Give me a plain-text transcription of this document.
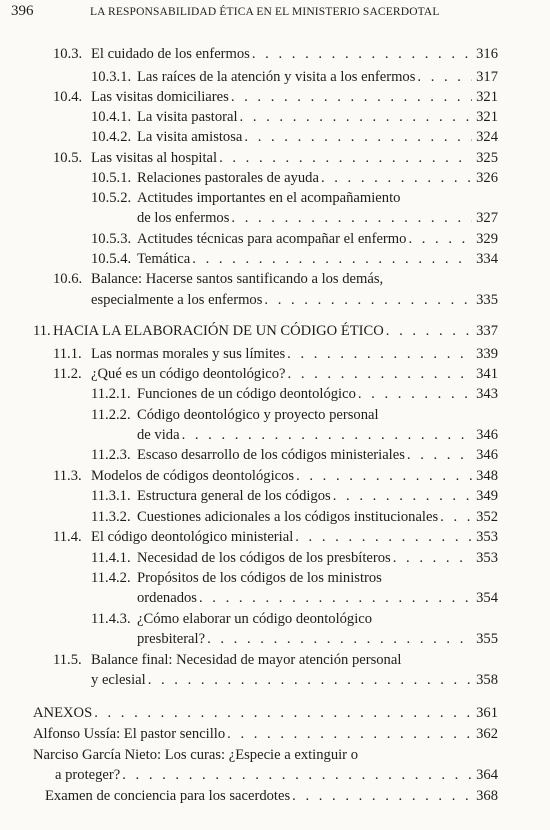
396	LA RESPONSABILIDAD ÉTICA EN EL MINISTERIO SACERDOTAL
10.3. El cuidado de los enfermos . . .	316
10.3.1. Las raíces de la atención y visita a los enfermos . . .	317
10.4. Las visitas domiciliares . . .	321
10.4.1. La visita pastoral . . .	321
10.4.2. La visita amistosa . . .	324
10.5. Las visitas al hospital . . .	325
10.5.1. Relaciones pastorales de ayuda . . .	326
10.5.2. Actitudes importantes en el acompañamiento
de los enfermos . . .	327
10.5.3. Actitudes técnicas para acompañar el enfermo . . .	329
10.5.4. Temática . . .	334
10.6. Balance: Hacerse santos santificando a los demás,
especialmente a los enfermos . . .	335
11. HACIA LA ELABORACIÓN DE UN CÓDIGO ÉTICO . . .	337
11.1. Las normas morales y sus límites . . .	339
11.2. ¿Qué es un código deontológico? . . .	341
11.2.1. Funciones de un código deontológico . . .	343
11.2.2. Código deontológico y proyecto personal
de vida . . .	346
11.2.3. Escaso desarrollo de los códigos ministeriales . . .	346
11.3. Modelos de códigos deontológicos . . .	348
11.3.1. Estructura general de los códigos . . .	349
11.3.2. Cuestiones adicionales a los códigos institucionales . . .	352
11.4. El código deontológico ministerial . . .	353
11.4.1. Necesidad de los códigos de los presbíteros . . .	353
11.4.2. Propósitos de los códigos de los ministros
ordenados . . .	354
11.4.3. ¿Cómo elaborar un código deontológico
presbiteral? . . .	355
11.5. Balance final: Necesidad de mayor atención personal
y eclesial . . .	358
ANEXOS . . .	361
Alfonso Ussía: El pastor sencillo . . .	362
Narciso García Nieto: Los curas: ¿Especie a extinguir o
a proteger? . . .	364
Examen de conciencia para los sacerdotes . . .	368
